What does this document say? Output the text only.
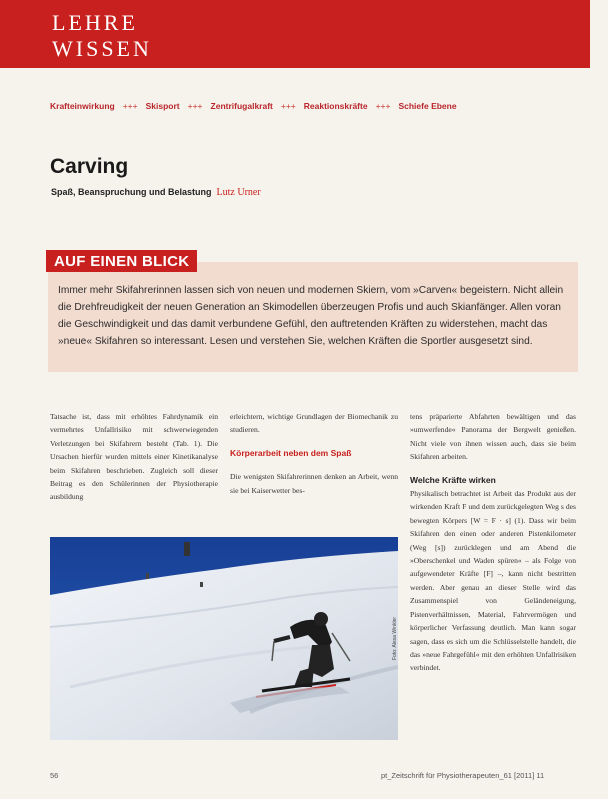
LEHRE
WISSEN
Krafteinwirkung +++ Skisport +++ Zentrifugalkraft +++ Reaktionskräfte +++ Schiefe Ebene
Carving
Spaß, Beanspruchung und Belastung Lutz Urner
AUF EINEN BLICK
Immer mehr Skifahrerinnen lassen sich von neuen und modernen Skiern, vom »Carven« begeistern. Nicht allein die Drehfreudigkeit der neuen Generation an Skimodellen überzeugen Profis und auch Skianfänger. Allen voran die Geschwindigkeit und das damit verbundene Gefühl, den auftretenden Kräften zu widerstehen, macht das »neue« Skifahren so interessant. Lesen und verstehen Sie, welchen Kräften die Sportler ausgesetzt sind.
Tatsache ist, dass mit erhöhtes Fahrdynamik ein vermehrtes Unfallrisiko mit schwerwiegenden Verletzungen bei Skifahrern besteht (Tab. 1). Die Ursachen hierfür wurden mittels einer Kinetikanalyse beim Skifahren beschrieben. Zugleich soll dieser Beitrag es den Schülerinnen der Physiotherapie ausbildung
erleichtern, wichtige Grundlagen der Biomechanik zu studieren.
Körperarbeit neben dem Spaß
Die wenigsten Skifahrerinnen denken an Arbeit, wenn sie bei Kaiserwetter bes-
tens präparierte Abfahrten bewältigen und das »umwerfende« Panorama der Bergwelt genießen. Nicht viele von ihnen wissen auch, dass sie beim Skifahren arbeiten.
Welche Kräfte wirken
Physikalisch betrachtet ist Arbeit das Produkt aus der wirkenden Kraft F und dem zurückgelegten Weg s des bewegten Körpers [W = F · s] (1). Dass wir beim Skifahren den einen oder anderen Pistenkilometer (Weg [s]) zurücklegen und am Abend die »Oberschenkel und Waden spüren« – als Folge von aufgewendeter Kräfte [F] –, kann nicht bestritten werden. Aber genau an dieser Stelle wird das Zusammenspiel von Geländeneigung, Pistenverhältnissen, Material, Fahrvermögen und körperlicher Verfassung deutlich. Man kann sogar sagen, dass es sich um die Schlüsselstelle handelt, die das »neue Fahrgefühl« mit den erhöhten Unfallrisiken verbindet.
Foto: Alexa Winkler
56	pt_Zeitschrift für Physiotherapeuten_61 [2011] 11
